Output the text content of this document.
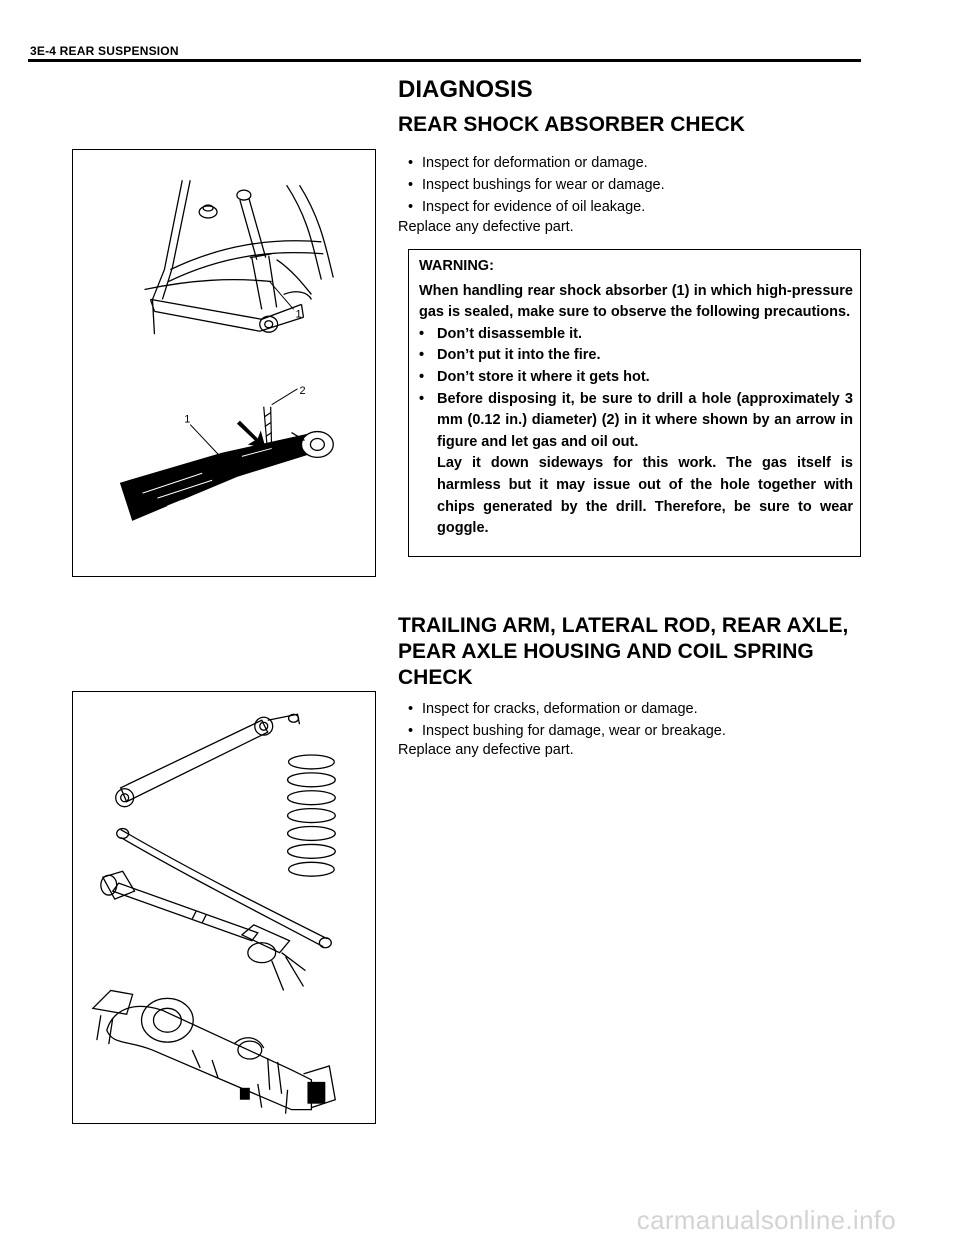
3E-4 REAR SUSPENSION
DIAGNOSIS
REAR SHOCK ABSORBER CHECK
1
2
1
• Inspect for deformation or damage.
• Inspect bushings for wear or damage.
• Inspect for evidence of oil leakage.
Replace any defective part.
WARNING:
When handling rear shock absorber (1) in which high-pressure gas is sealed, make sure to observe the following precautions.
• Don’t disassemble it.
• Don’t put it into the fire.
• Don’t store it where it gets hot.
• Before disposing it, be sure to drill a hole (approximately 3 mm (0.12 in.) diameter) (2) in it where shown by an arrow in figure and let gas and oil out.
Lay it down sideways for this work. The gas itself is harmless but it may issue out of the hole together with chips generated by the drill. Therefore, be sure to wear goggle.
TRAILING ARM, LATERAL ROD, REAR AXLE,
PEAR AXLE HOUSING AND COIL SPRING
CHECK
• Inspect for cracks, deformation or damage.
• Inspect bushing for damage, wear or breakage.
Replace any defective part.
carmanualsonline.info
